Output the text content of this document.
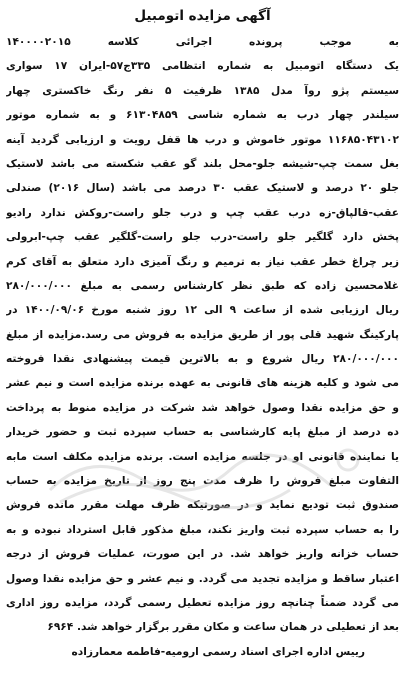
آگهی مزایده اتومبیل
به موجب پرونده اجرائی کلاسه ۱۴۰۰۰۰۲۰۱۵
یک دستگاه اتومبیل به شماره انتظامی ۳۳۵ج۵۷-ایران ۱۷ سواری
سیستم پژو روآ مدل ۱۳۸۵ ظرفیت ۵ نفر رنگ خاکستری چهار
سیلندر چهار درب به شماره شاسی ۶۱۳۰۴۸۵۹ و به شماره موتور
۱۱۶۸۵۰۴۳۱۰۲ موتور خاموش و درب ها قفل رویت و ارزیابی گردید آینه
بغل سمت چپ-شیشه جلو-محل بلند گو عقب شکسته می باشد لاستیک
جلو ۲۰ درصد و لاستیک عقب ۳۰ درصد می باشد (سال ۲۰۱۶) صندلی
عقب-قالپاق-زه درب عقب چپ و درب جلو راست-روکش ندارد رادیو
پخش دارد گلگیر جلو راست-درب جلو راست-گلگیر عقب چپ-ابرولی
زیر چراغ خطر عقب نیاز به ترمیم و رنگ آمیزی دارد متعلق به آقای کرم
غلامحسین زاده که طبق نظر کارشناس رسمی به مبلغ ۲۸۰/۰۰۰/۰۰۰
ریال ارزیابی شده از ساعت ۹ الی ۱۲ روز شنبه مورخ ۱۴۰۰/۰۹/۰۶ در
پارکینگ شهید قلی پور از طریق مزایده به فروش می رسد.مزایده از مبلغ
۲۸۰/۰۰۰/۰۰۰ ریال شروع و به بالاترین قیمت پیشنهادی نقدا فروخته
می شود و کلیه هزینه های قانونی به عهده برنده مزایده است و نیم عشر
و حق مزایده نقدا وصول خواهد شد شرکت در مزایده منوط به پرداخت
ده درصد از مبلغ پایه کارشناسی به حساب سپرده ثبت و حضور خریدار
یا نماینده قانونی او در جلسه مزایده است. برنده مزایده مکلف است مابه
التفاوت مبلغ فروش را ظرف مدت پنج روز از تاریخ مزایده به حساب
صندوق ثبت تودیع نماید و در صورتیکه ظرف مهلت مقرر مانده فروش
را به حساب سپرده ثبت واریز نکند، مبلغ مذکور قابل استرداد نبوده و به
حساب خزانه واریز خواهد شد. در این صورت، عملیات فروش از درجه
اعتبار ساقط و مزایده تجدید می گردد. و نیم عشر و حق مزایده نقدا وصول
می گردد ضمناً چنانچه روز مزایده تعطیل رسمی گردد، مزایده روز اداری
بعد از تعطیلی در همان ساعت و مکان مقرر برگزار خواهد شد. ۶۹۶۴
رییس اداره اجرای اسناد رسمی ارومیه-فاطمه معمارزاده
